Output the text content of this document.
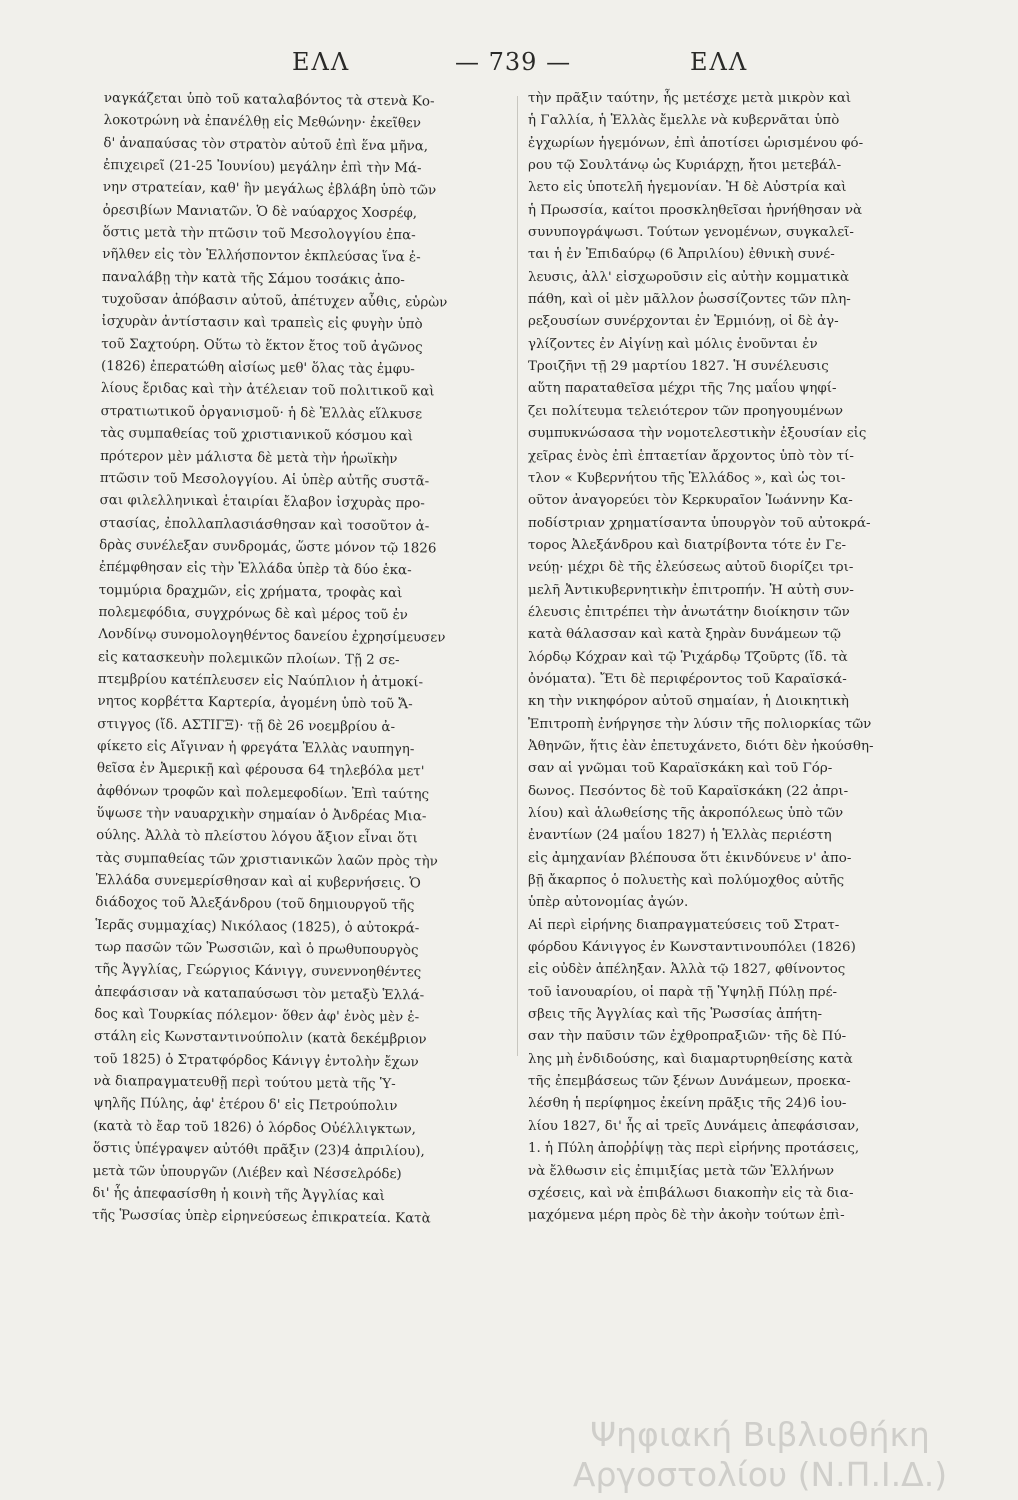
ΕΛΛ	— 739 —	ΕΛΛ
ναγκάζεται ὑπὸ τοῦ καταλαβόντος τὰ στενὰ Κο-
λοκοτρώνη νὰ ἐπανέλθῃ εἰς Μεθώνην· ἐκεῖθεν
δ' ἀναπαύσας τὸν στρατὸν αὐτοῦ ἐπὶ ἕνα μῆνα,
ἐπιχειρεῖ (21-25 Ἰουνίου) μεγάλην ἐπὶ τὴν Μά-
νην στρατείαν, καθ' ἣν μεγάλως ἐβλάβη ὑπὸ τῶν
ὀρεσιβίων Μανιατῶν. Ὁ δὲ ναύαρχος Χοσρέφ,
ὅστις μετὰ τὴν πτῶσιν τοῦ Μεσολογγίου ἐπα-
νῆλθεν εἰς τὸν Ἑλλήσποντον ἐκπλεύσας ἵνα ἐ-
παναλάβῃ τὴν κατὰ τῆς Σάμου τοσάκις ἀπο-
τυχοῦσαν ἀπόβασιν αὐτοῦ, ἀπέτυχεν αὖθις, εὑρὼν
ἰσχυρὰν ἀντίστασιν καὶ τραπεὶς εἰς φυγὴν ὑπὸ
τοῦ Σαχτούρη. Οὕτω τὸ ἕκτον ἔτος τοῦ ἀγῶνος
(1826) ἐπερατώθη αἰσίως μεθ' ὅλας τὰς ἐμφυ-
λίους ἔριδας καὶ τὴν ἀτέλειαν τοῦ πολιτικοῦ καὶ
στρατιωτικοῦ ὀργανισμοῦ· ἡ δὲ Ἑλλὰς εἵλκυσε
τὰς συμπαθείας τοῦ χριστιανικοῦ κόσμου καὶ
πρότερον μὲν μάλιστα δὲ μετὰ τὴν ἡρωϊκὴν
πτῶσιν τοῦ Μεσολογγίου. Αἱ ὑπὲρ αὐτῆς συστᾶ-
σαι φιλελληνικαὶ ἑταιρίαι ἔλαβον ἰσχυρὰς προ-
στασίας, ἐπολλαπλασιάσθησαν καὶ τοσοῦτον ἀ-
δρὰς συνέλεξαν συνδρομάς, ὥστε μόνον τῷ 1826
ἐπέμφθησαν εἰς τὴν Ἑλλάδα ὑπὲρ τὰ δύο ἑκα-
τομμύρια δραχμῶν, εἰς χρήματα, τροφὰς καὶ
πολεμεφόδια, συγχρόνως δὲ καὶ μέρος τοῦ ἐν
Λονδίνῳ συνομολογηθέντος δανείου ἐχρησίμευσεν
εἰς κατασκευὴν πολεμικῶν πλοίων. Τῇ 2 σε-
πτεμβρίου κατέπλευσεν εἰς Ναύπλιον ἡ ἀτμοκί-
νητος κορβέττα Καρτερία, ἀγομένη ὑπὸ τοῦ Ἄ-
στιγγος (ἴδ. ΑΣΤΙΓΞ)· τῇ δὲ 26 νοεμβρίου ἀ-
φίκετο εἰς Αἴγιναν ἡ φρεγάτα Ἑλλὰς ναυπηγη-
θεῖσα ἐν Ἀμερικῇ καὶ φέρουσα 64 τηλεβόλα μετ'
ἀφθόνων τροφῶν καὶ πολεμεφοδίων. Ἐπὶ ταύτης
ὕψωσε τὴν ναυαρχικὴν σημαίαν ὁ Ἀνδρέας Μια-
ούλης. Ἀλλὰ τὸ πλείστου λόγου ἄξιον εἶναι ὅτι
τὰς συμπαθείας τῶν χριστιανικῶν λαῶν πρὸς τὴν
Ἑλλάδα συνεμερίσθησαν καὶ αἱ κυβερνήσεις. Ὁ
διάδοχος τοῦ Ἀλεξάνδρου (τοῦ δημιουργοῦ τῆς
Ἱερᾶς συμμαχίας) Νικόλαος (1825), ὁ αὐτοκρά-
τωρ πασῶν τῶν Ῥωσσιῶν, καὶ ὁ πρωθυπουργὸς
τῆς Ἀγγλίας, Γεώργιος Κάνιγγ, συνεννοηθέντες
ἀπεφάσισαν νὰ καταπαύσωσι τὸν μεταξὺ Ἑλλά-
δος καὶ Τουρκίας πόλεμον· ὅθεν ἀφ' ἑνὸς μὲν ἐ-
στάλη εἰς Κωνσταντινούπολιν (κατὰ δεκέμβριον
τοῦ 1825) ὁ Στρατφόρδος Κάνιγγ ἐντολὴν ἔχων
νὰ διαπραγματευθῇ περὶ τούτου μετὰ τῆς Ὑ-
ψηλῆς Πύλης, ἀφ' ἑτέρου δ' εἰς Πετρούπολιν
(κατὰ τὸ ἔαρ τοῦ 1826) ὁ λόρδος Οὐέλλιγκτων,
ὅστις ὑπέγραψεν αὐτόθι πρᾶξιν (23)4 ἀπριλίου),
μετὰ τῶν ὑπουργῶν (Λιέβεν καὶ Νέσσελρόδε)
δι' ἧς ἀπεφασίσθη ἡ κοινὴ τῆς Ἀγγλίας καὶ
τῆς Ῥωσσίας ὑπὲρ εἰρηνεύσεως ἐπικρατεία. Κατὰ
τὴν πρᾶξιν ταύτην, ἧς μετέσχε μετὰ μικρὸν καὶ
ἡ Γαλλία, ἡ Ἑλλὰς ἔμελλε νὰ κυβερνᾶται ὑπὸ
ἐγχωρίων ἡγεμόνων, ἐπὶ ἀποτίσει ὡρισμένου φό-
ρου τῷ Σουλτάνῳ ὡς Κυριάρχῃ, ἤτοι μετεβάλ-
λετο εἰς ὑποτελῆ ἡγεμονίαν. Ἡ δὲ Αὐστρία καὶ
ἡ Πρωσσία, καίτοι προσκληθεῖσαι ἠρνήθησαν νὰ
συνυπογράψωσι. Τούτων γενομένων, συγκαλεῖ-
ται ἡ ἐν Ἐπιδαύρῳ (6 Ἀπριλίου) ἐθνικὴ συνέ-
λευσις, ἀλλ' εἰσχωροῦσιν εἰς αὐτὴν κομματικὰ
πάθη, καὶ οἱ μὲν μᾶλλον ῥωσσίζοντες τῶν πλη-
ρεξουσίων συνέρχονται ἐν Ἑρμιόνῃ, οἱ δὲ ἀγ-
γλίζοντες ἐν Αἰγίνῃ καὶ μόλις ἑνοῦνται ἐν
Τροιζῆνι τῇ 29 μαρτίου 1827. Ἡ συνέλευσις
αὕτη παραταθεῖσα μέχρι τῆς 7ης μαΐου ψηφί-
ζει πολίτευμα τελειότερον τῶν προηγουμένων
συμπυκνώσασα τὴν νομοτελεστικὴν ἐξουσίαν εἰς
χεῖρας ἑνὸς ἐπὶ ἑπταετίαν ἄρχοντος ὑπὸ τὸν τί-
τλον « Κυβερνήτου τῆς Ἑλλάδος », καὶ ὡς τοι-
οῦτον ἀναγορεύει τὸν Κερκυραῖον Ἰωάννην Κα-
ποδίστριαν χρηματίσαντα ὑπουργὸν τοῦ αὐτοκρά-
τορος Ἀλεξάνδρου καὶ διατρίβοντα τότε ἐν Γε-
νεύῃ· μέχρι δὲ τῆς ἐλεύσεως αὐτοῦ διορίζει τρι-
μελῆ Ἀντικυβερνητικὴν ἐπιτροπήν. Ἡ αὐτὴ συν-
έλευσις ἐπιτρέπει τὴν ἀνωτάτην διοίκησιν τῶν
κατὰ θάλασσαν καὶ κατὰ ξηρὰν δυνάμεων τῷ
λόρδῳ Κόχραν καὶ τῷ Ῥιχάρδῳ Τζοῦρτς (ἴδ. τὰ
ὀνόματα). Ἔτι δὲ περιφέροντος τοῦ Καραϊσκά-
κη τὴν νικηφόρον αὐτοῦ σημαίαν, ἡ Διοικητικὴ
Ἐπιτροπὴ ἐνήργησε τὴν λύσιν τῆς πολιορκίας τῶν
Ἀθηνῶν, ἥτις ἐὰν ἐπετυχάνετο, διότι δὲν ἠκούσθη-
σαν αἱ γνῶμαι τοῦ Καραϊσκάκη καὶ τοῦ Γόρ-
δωνος. Πεσόντος δὲ τοῦ Καραϊσκάκη (22 ἀπρι-
λίου) καὶ ἁλωθείσης τῆς ἀκροπόλεως ὑπὸ τῶν
ἐναντίων (24 μαΐου 1827) ἡ Ἑλλὰς περιέστη
εἰς ἀμηχανίαν βλέπουσα ὅτι ἐκινδύνευε ν' ἀπο-
βῇ ἄκαρπος ὁ πολυετὴς καὶ πολύμοχθος αὐτῆς
ὑπὲρ αὐτονομίας ἀγών.
Αἱ περὶ εἰρήνης διαπραγματεύσεις τοῦ Στρατ-
φόρδου Κάνιγγος ἐν Κωνσταντινουπόλει (1826)
εἰς οὐδὲν ἀπέληξαν. Ἀλλὰ τῷ 1827, φθίνοντος
τοῦ ἰανουαρίου, οἱ παρὰ τῇ Ὑψηλῇ Πύλῃ πρέ-
σβεις τῆς Ἀγγλίας καὶ τῆς Ῥωσσίας ἀπήτη-
σαν τὴν παῦσιν τῶν ἐχθροπραξιῶν· τῆς δὲ Πύ-
λης μὴ ἐνδιδούσης, καὶ διαμαρτυρηθείσης κατὰ
τῆς ἐπεμβάσεως τῶν ξένων Δυνάμεων, προεκα-
λέσθη ἡ περίφημος ἐκείνη πρᾶξις τῆς 24)6 ἰου-
λίου 1827, δι' ἧς αἱ τρεῖς Δυνάμεις ἀπεφάσισαν,
1. ἡ Πύλη ἀποῤῥίψῃ τὰς περὶ εἰρήνης προτάσεις,
νὰ ἔλθωσιν εἰς ἐπιμιξίας μετὰ τῶν Ἑλλήνων
σχέσεις, καὶ νὰ ἐπιβάλωσι διακοπὴν εἰς τὰ δια-
μαχόμενα μέρη πρὸς δὲ τὴν ἀκοὴν τούτων ἐπὶ-
Ψηφιακή Βιβλιοθήκη
Αργοστολίου (Ν.Π.Ι.Δ.)
